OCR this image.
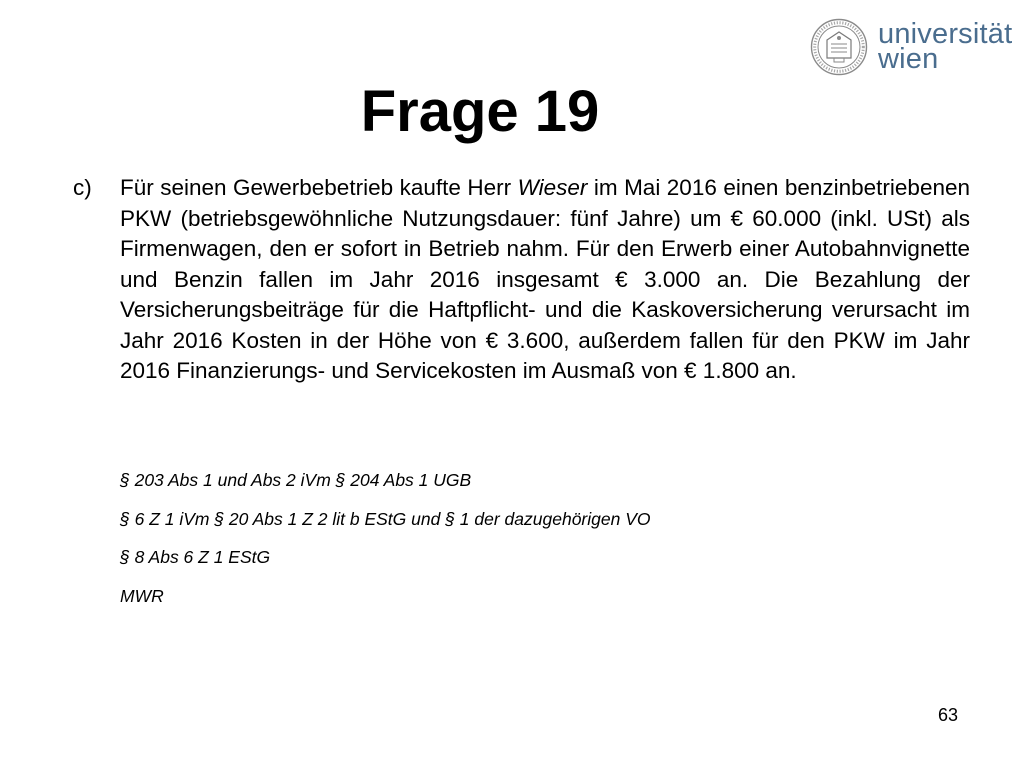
universität
wien
Frage 19
c) Für seinen Gewerbebetrieb kaufte Herr Wieser im Mai 2016 einen benzinbetriebenen PKW (betriebsgewöhnliche Nutzungsdauer: fünf Jahre) um € 60.000 (inkl. USt) als Firmenwagen, den er sofort in Betrieb nahm. Für den Erwerb einer Autobahnvignette und Benzin fallen im Jahr 2016 insgesamt € 3.000 an. Die Bezahlung der Versicherungsbeiträge für die Haftpflicht- und die Kaskoversicherung verursacht im Jahr 2016 Kosten in der Höhe von € 3.600, außerdem fallen für den PKW im Jahr 2016 Finanzierungs- und Servicekosten im Ausmaß von € 1.800 an.
§ 203 Abs 1 und Abs 2 iVm § 204 Abs 1 UGB
§ 6 Z 1 iVm § 20 Abs 1 Z 2 lit b EStG und § 1 der dazugehörigen VO
§ 8 Abs 6 Z 1 EStG
MWR
63
